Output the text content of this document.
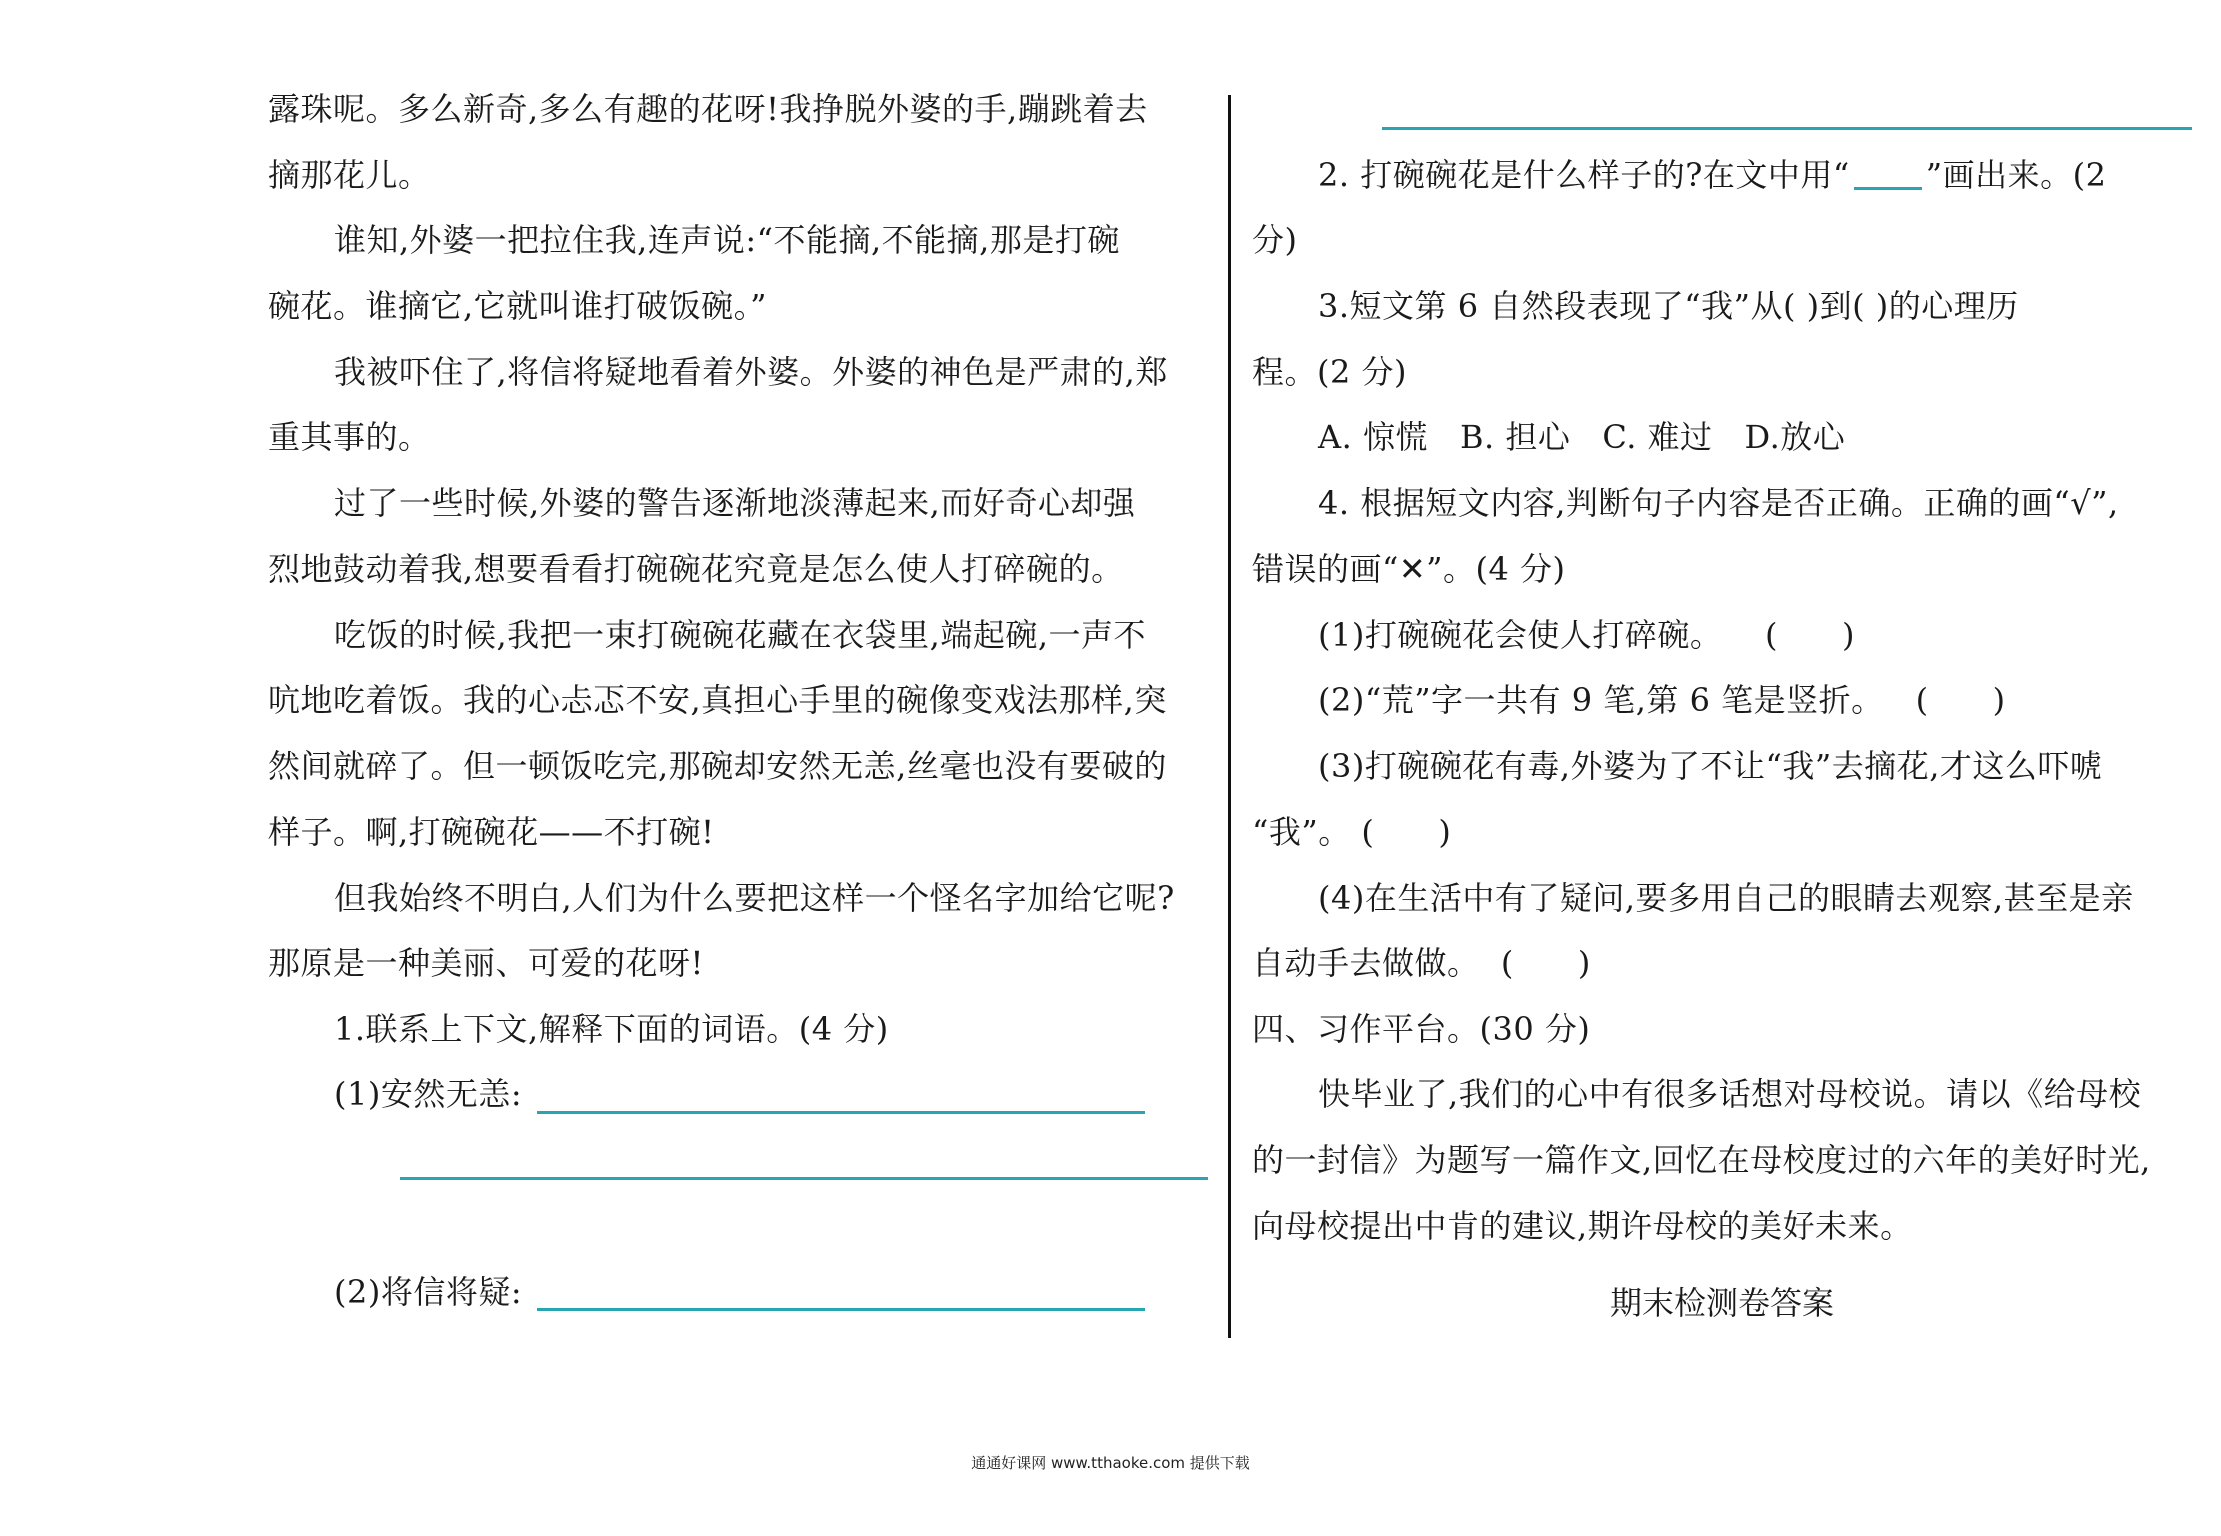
露珠呢。多么新奇,多么有趣的花呀!我挣脱外婆的手,蹦跳着去
摘那花儿。
谁知,外婆一把拉住我,连声说:“不能摘,不能摘,那是打碗
碗花。谁摘它,它就叫谁打破饭碗。”
我被吓住了,将信将疑地看着外婆。外婆的神色是严肃的,郑
重其事的。
过了一些时候,外婆的警告逐渐地淡薄起来,而好奇心却强
烈地鼓动着我,想要看看打碗碗花究竟是怎么使人打碎碗的。
吃饭的时候,我把一束打碗碗花藏在衣袋里,端起碗,一声不
吭地吃着饭。我的心忐忑不安,真担心手里的碗像变戏法那样,突
然间就碎了。但一顿饭吃完,那碗却安然无恙,丝毫也没有要破的
样子。啊,打碗碗花——不打碗!
但我始终不明白,人们为什么要把这样一个怪名字加给它呢?
那原是一种美丽、可爱的花呀!
1.联系上下文,解释下面的词语。(4 分)
(1)安然无恙:
(2)将信将疑:
2. 打碗碗花是什么样子的?在文中用“ ”画出来。(2
分)
3.短文第 6 自然段表现了“我”从( )到( )的心理历
程。(2 分)
A. 惊慌   B. 担心   C. 难过   D.放心
4. 根据短文内容,判断句子内容是否正确。正确的画“√”,
错误的画“✕”。(4 分)
(1)打碗碗花会使人打碎碗。    (      )
(2)“荒”字一共有 9 笔,第 6 笔是竖折。   (      )
(3)打碗碗花有毒,外婆为了不让“我”去摘花,才这么吓唬
“我”。 (      )
(4)在生活中有了疑问,要多用自己的眼睛去观察,甚至是亲
自动手去做做。  (      )
四、习作平台。(30 分)
快毕业了,我们的心中有很多话想对母校说。请以《给母校
的一封信》为题写一篇作文,回忆在母校度过的六年的美好时光,
向母校提出中肯的建议,期许母校的美好未来。
期末检测卷答案
通通好课网 www.tthaoke.com 提供下载
